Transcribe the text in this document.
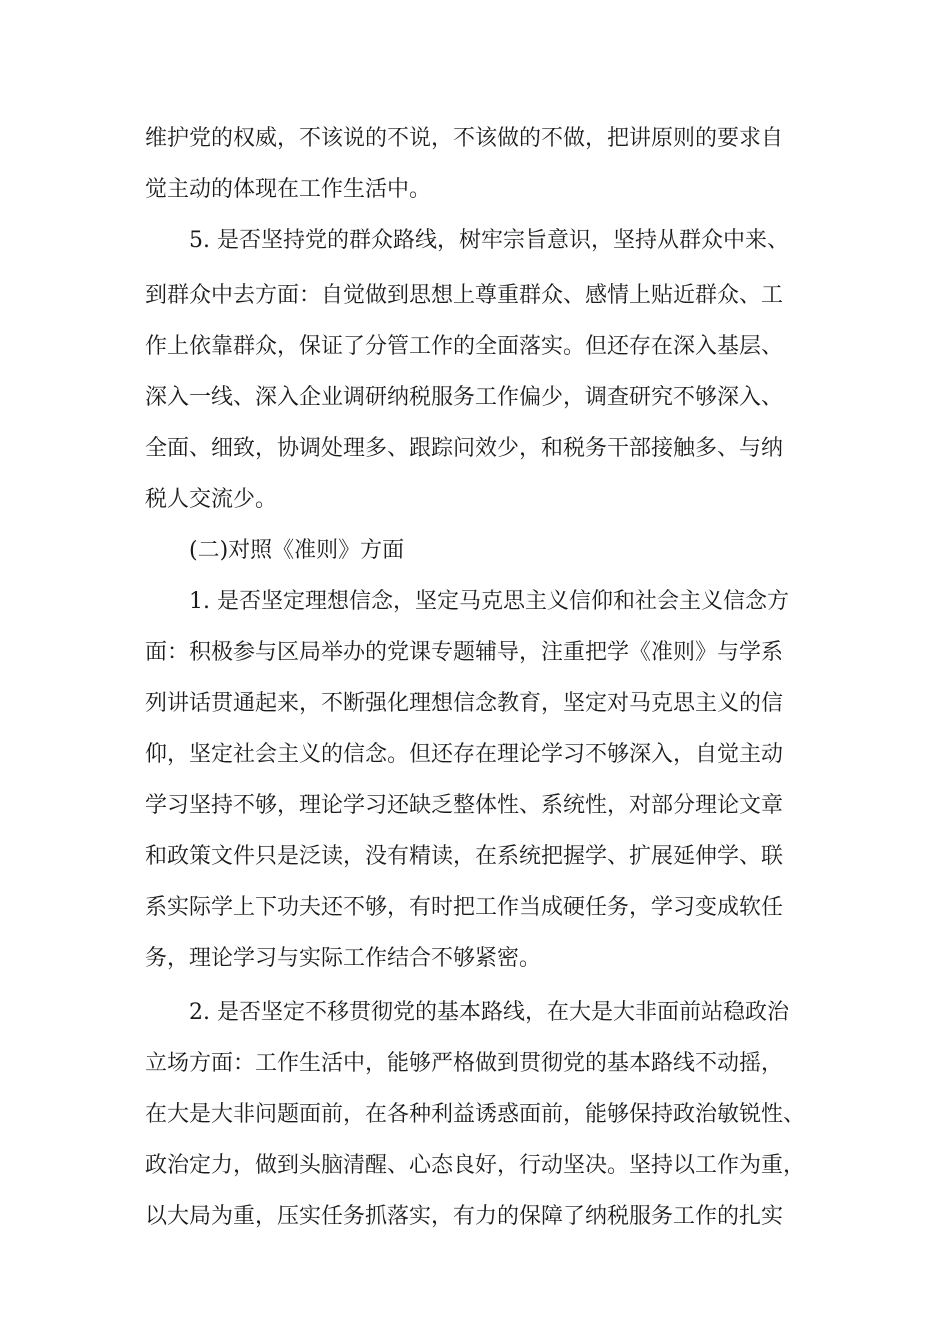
维护党的权威，不该说的不说，不该做的不做，把讲原则的要求自
觉主动的体现在工作生活中。
5. 是否坚持党的群众路线，树牢宗旨意识，坚持从群众中来、
到群众中去方面：自觉做到思想上尊重群众、感情上贴近群众、工
作上依靠群众，保证了分管工作的全面落实。但还存在深入基层、
深入一线、深入企业调研纳税服务工作偏少，调查研究不够深入、
全面、细致，协调处理多、跟踪问效少，和税务干部接触多、与纳
税人交流少。
(二)对照《准则》方面
1. 是否坚定理想信念，坚定马克思主义信仰和社会主义信念方
面：积极参与区局举办的党课专题辅导，注重把学《准则》与学系
列讲话贯通起来，不断强化理想信念教育，坚定对马克思主义的信
仰，坚定社会主义的信念。但还存在理论学习不够深入，自觉主动
学习坚持不够，理论学习还缺乏整体性、系统性，对部分理论文章
和政策文件只是泛读，没有精读，在系统把握学、扩展延伸学、联
系实际学上下功夫还不够，有时把工作当成硬任务，学习变成软任
务，理论学习与实际工作结合不够紧密。
2. 是否坚定不移贯彻党的基本路线，在大是大非面前站稳政治
立场方面：工作生活中，能够严格做到贯彻党的基本路线不动摇，
在大是大非问题面前，在各种利益诱惑面前，能够保持政治敏锐性、
政治定力，做到头脑清醒、心态良好，行动坚决。坚持以工作为重，
以大局为重，压实任务抓落实，有力的保障了纳税服务工作的扎实
